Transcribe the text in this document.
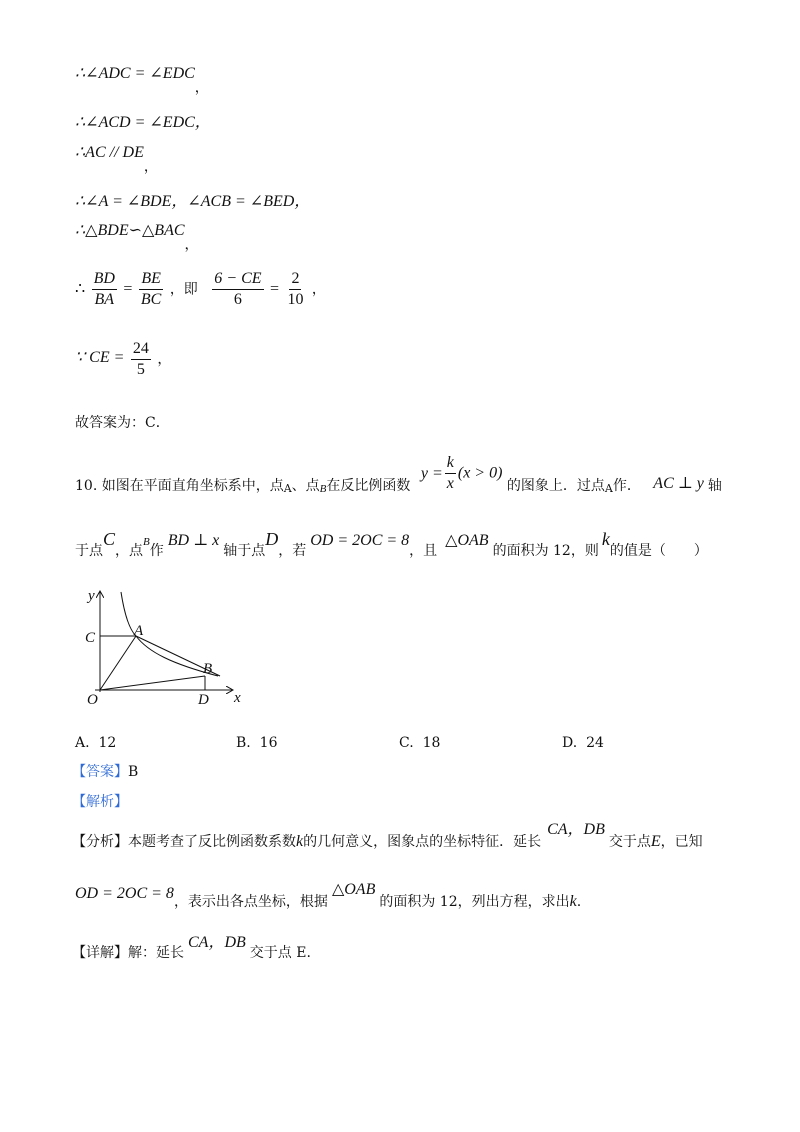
∴∠ADC = ∠EDC，
∴∠ACD = ∠EDC，
∴AC // DE，
∴∠A = ∠BDE，∠ACB = ∠BED，
∴△BDE∽△BAC，
∴ $\frac{BD}{BA} = \frac{BE}{BC}$ ，即 $\frac{6 - CE}{6} = \frac{2}{10}$ ，
∵ CE = $\frac{24}{5}$ ，
故答案为：C．
10. 如图在平面直角坐标系中，点$_A$、点$_B$在反比例函数 $y = \frac{k}{x} (x > 0)$ 的图象上．过点$_A$作． AC ⊥ y 轴
于点C，点B作BD ⊥ x轴于点D，若OD = 2OC = 8，且△OAB的面积为 12，则k的值是（　　）
y
x
O
C	A
B
D
A. 12	B. 16	C. 18	D. 24
【答案】B
【解析】
【分析】本题考查了反比例函数系数k的几何意义，图象点的坐标特征．延长CA，DB交于点E，已知
OD = 2OC = 8，表示出各点坐标，根据△OAB的面积为 12，列出方程，求出k.
【详解】解：延长CA，DB交于点 E.
